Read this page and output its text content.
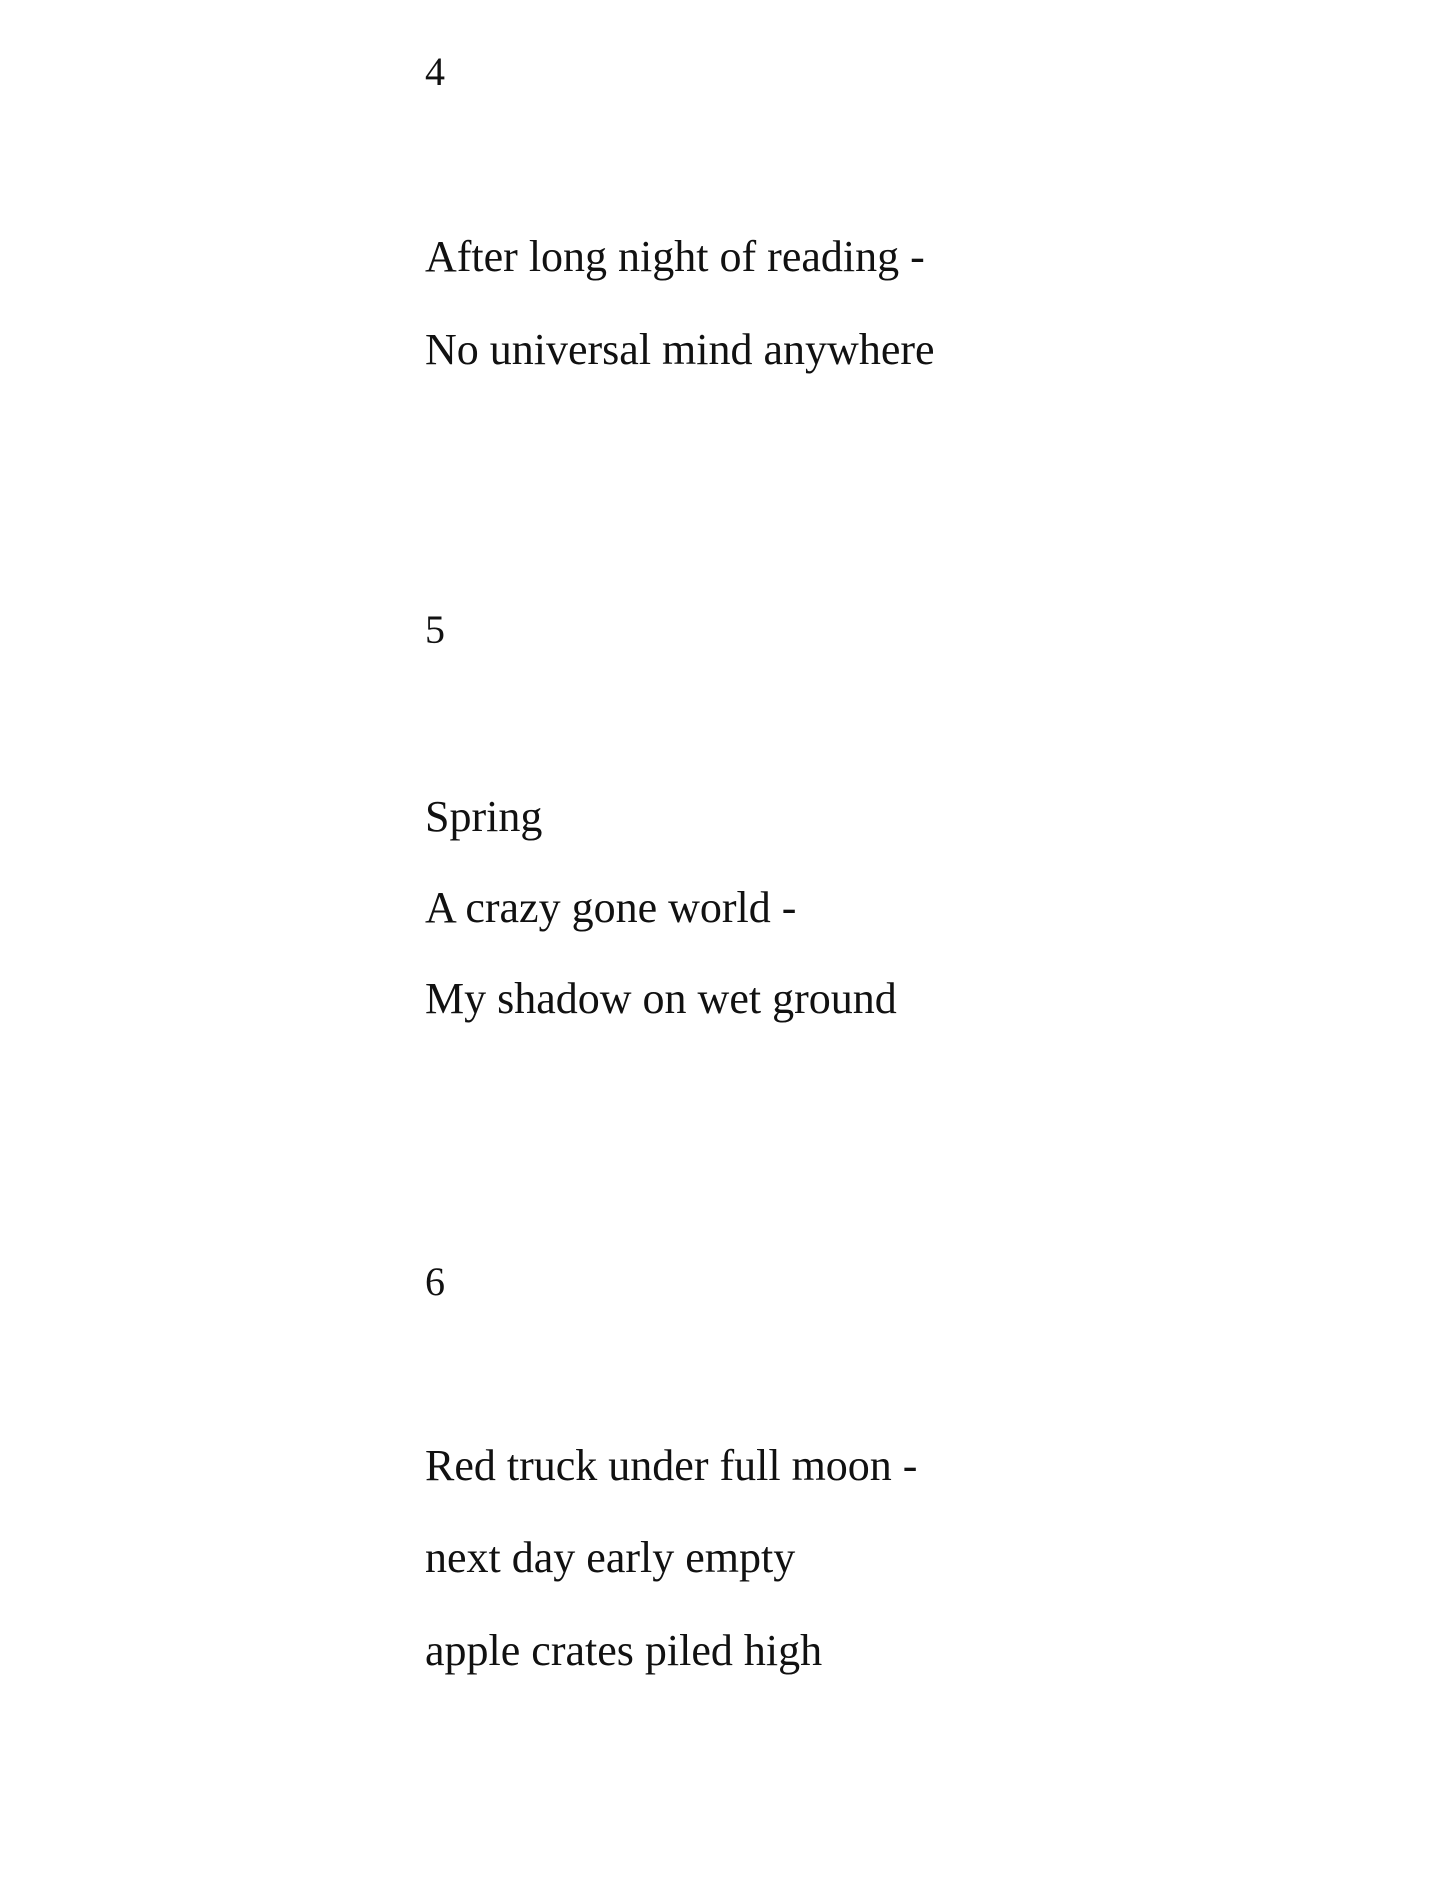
4

After long night of reading -

No universal mind anywhere

5

Spring

A crazy gone world -

My shadow on wet ground

6

Red truck under full moon -

next day early empty

apple crates piled high
